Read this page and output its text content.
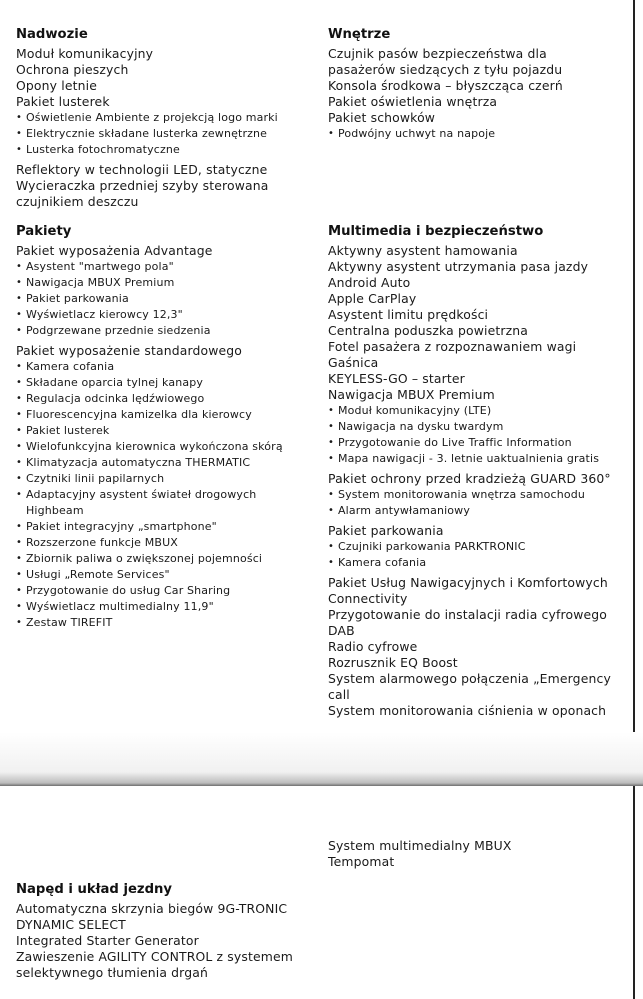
Nadwozie
Moduł komunikacyjny
Ochrona pieszych
Opony letnie
Pakiet lusterek
• Oświetlenie Ambiente z projekcją logo marki
• Elektrycznie składane lusterka zewnętrzne
• Lusterka fotochromatyczne
Reflektory w technologii LED, statyczne
Wycieraczka przedniej szyby sterowana czujnikiem deszczu
Wnętrze
Czujnik pasów bezpieczeństwa dla pasażerów siedzących z tyłu pojazdu
Konsola środkowa – błyszcząca czerń
Pakiet oświetlenia wnętrza
Pakiet schowków
• Podwójny uchwyt na napoje
Pakiety
Pakiet wyposażenia Advantage
• Asystent "martwego pola"
• Nawigacja MBUX Premium
• Pakiet parkowania
• Wyświetlacz kierowcy 12,3"
• Podgrzewane przednie siedzenia
Pakiet wyposażenie standardowego
• Kamera cofania
• Składane oparcia tylnej kanapy
• Regulacja odcinka lędźwiowego
• Fluorescencyjna kamizelka dla kierowcy
• Pakiet lusterek
• Wielofunkcyjna kierownica wykończona skórą
• Klimatyzacja automatyczna THERMATIC
• Czytniki linii papilarnych
• Adaptacyjny asystent świateł drogowych Highbeam
• Pakiet integracyjny „smartphone"
• Rozszerzone funkcje MBUX
• Zbiornik paliwa o zwiększonej pojemności
• Usługi „Remote Services"
• Przygotowanie do usług Car Sharing
• Wyświetlacz multimedialny 11,9"
• Zestaw TIREFIT
Multimedia i bezpieczeństwo
Aktywny asystent hamowania
Aktywny asystent utrzymania pasa jazdy
Android Auto
Apple CarPlay
Asystent limitu prędkości
Centralna poduszka powietrzna
Fotel pasażera z rozpoznawaniem wagi
Gaśnica
KEYLESS-GO – starter
Nawigacja MBUX Premium
• Moduł komunikacyjny (LTE)
• Nawigacja na dysku twardym
• Przygotowanie do Live Traffic Information
• Mapa nawigacji - 3. letnie uaktualnienia gratis
Pakiet ochrony przed kradzieżą GUARD 360°
• System monitorowania wnętrza samochodu
• Alarm antywłamaniowy
Pakiet parkowania
• Czujniki parkowania PARKTRONIC
• Kamera cofania
Pakiet Usług Nawigacyjnych i Komfortowych Connectivity
Przygotowanie do instalacji radia cyfrowego DAB
Radio cyfrowe
Rozrusznik EQ Boost
System alarmowego połączenia „Emergency call
System monitorowania ciśnienia w oponach
System multimedialny MBUX
Tempomat
Napęd i układ jezdny
Automatyczna skrzynia biegów 9G-TRONIC
DYNAMIC SELECT
Integrated Starter Generator
Zawieszenie AGILITY CONTROL z systemem selektywnego tłumienia drgań
